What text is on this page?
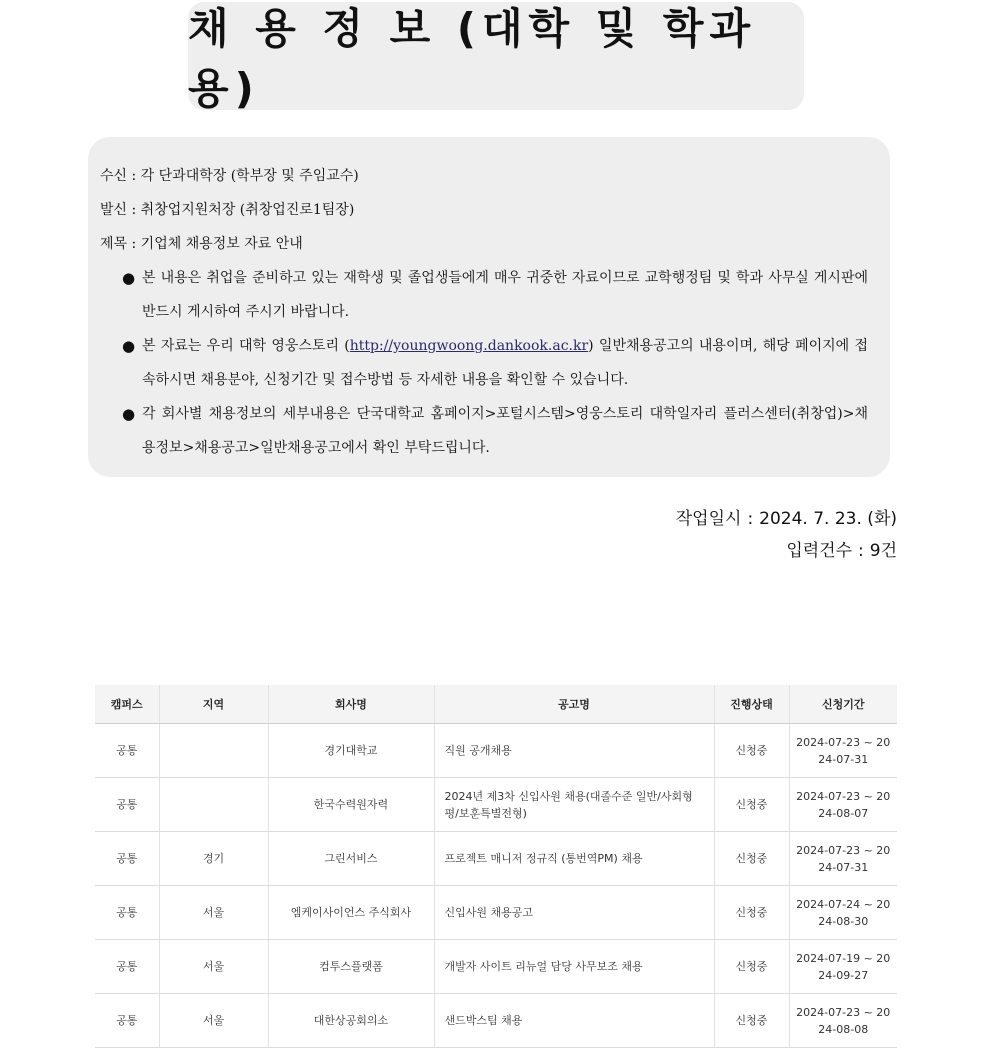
채 용 정 보 (대학 및 학과용)
수신 : 각 단과대학장 (학부장 및 주임교수)
발신 : 취창업지원처장 (취창업진로1팀장)
제목 : 기업체 채용정보 자료 안내
● 본 내용은 취업을 준비하고 있는 재학생 및 졸업생들에게 매우 귀중한 자료이므로 교학행정팀 및 학과 사무실 게시판에 반드시 게시하여 주시기 바랍니다.
● 본 자료는 우리 대학 영웅스토리 (http://youngwoong.dankook.ac.kr) 일반채용공고의 내용이며, 해당 페이지에 접속하시면 채용분야, 신청기간 및 접수방법 등 자세한 내용을 확인할 수 있습니다.
● 각 회사별 채용정보의 세부내용은 단국대학교 홈페이지>포털시스템>영웅스토리 대학일자리 플러스센터(취창업)>채용정보>채용공고>일반채용공고에서 확인 부탁드립니다.
작업일시 : 2024. 7. 23. (화)
입력건수 : 9건
캠퍼스	지역	회사명	공고명	진행상태	신청기간
공통		경기대학교	직원 공개채용	신청중	2024-07-23 ~ 2024-07-31
공통		한국수력원자력	2024년 제3차 신입사원 채용(대졸수준 일반/사회형평/보훈특별전형)	신청중	2024-07-23 ~ 2024-08-07
공통	경기	그린서비스	프로젝트 매니저 정규직 (통번역PM) 채용	신청중	2024-07-23 ~ 2024-07-31
공통	서울	엠케이사이언스 주식회사	신입사원 채용공고	신청중	2024-07-24 ~ 2024-08-30
공통	서울	컴투스플랫폼	개발자 사이트 리뉴얼 담당 사무보조 채용	신청중	2024-07-19 ~ 2024-09-27
공통	서울	대한상공회의소	샌드박스팀 채용	신청중	2024-07-23 ~ 2024-08-08
